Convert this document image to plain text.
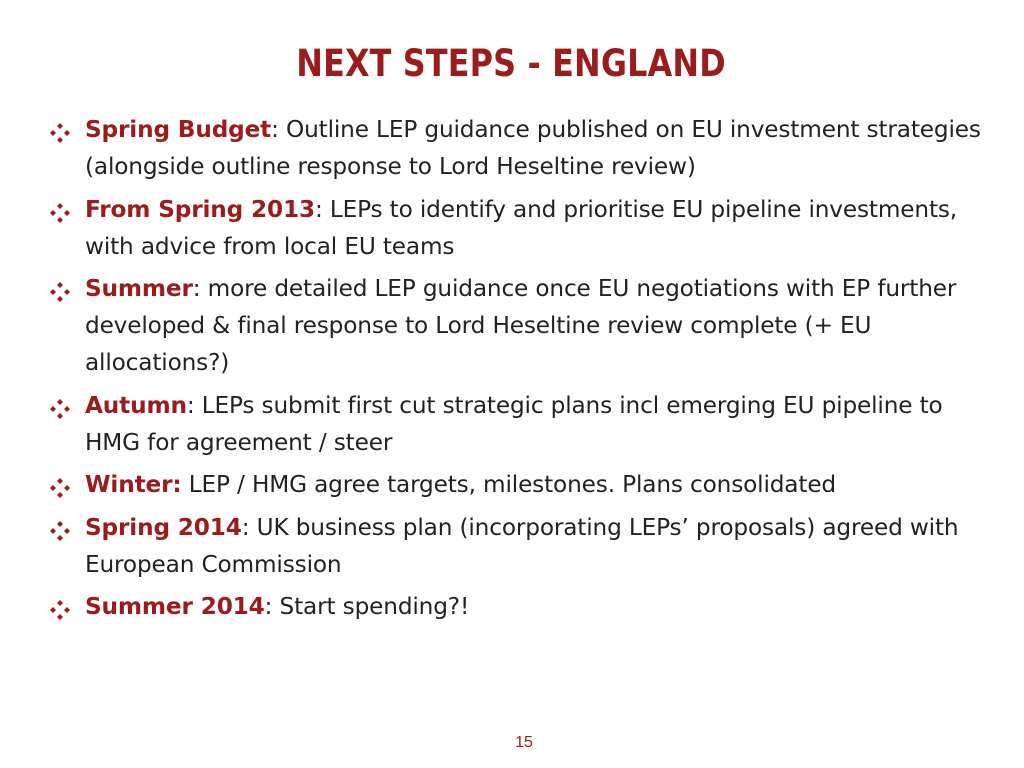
NEXT STEPS - ENGLAND
Spring Budget: Outline LEP guidance published on EU investment strategies (alongside outline response to Lord Heseltine review)
From Spring 2013: LEPs to identify and prioritise EU pipeline investments, with advice from local EU teams
Summer: more detailed LEP guidance once EU negotiations with EP further developed & final response to Lord Heseltine review complete (+ EU allocations?)
Autumn: LEPs submit first cut strategic plans incl emerging EU pipeline to HMG for agreement / steer
Winter: LEP / HMG agree targets, milestones. Plans consolidated
Spring 2014: UK business plan (incorporating LEPs’ proposals) agreed with European Commission
Summer 2014: Start spending?!
15
